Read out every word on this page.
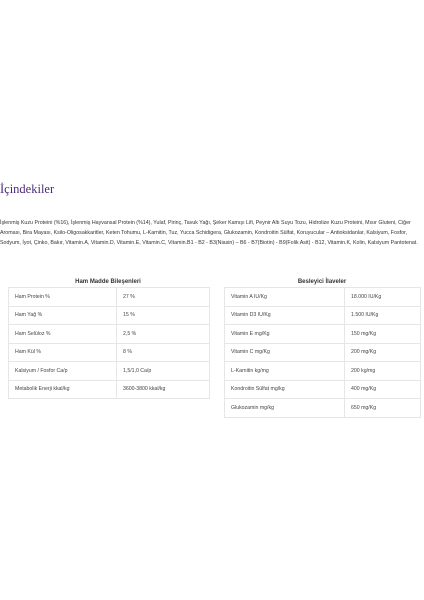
İçindekiler

İşlenmiş Kuzu Proteini (%16), İşlenmiş Hayvansal Protein (%14), Yulaf, Pirinç, Tavuk Yağı, Şeker Kamışı Lifi, Peynir Altı Suyu Tozu, Hidrolize Kuzu Proteini, Mısır Gluteni, Ciğer Aroması, Bira Mayası, Ksilo-Oligosakkaritler, Keten Tohumu, L-Karnitin, Tuz, Yucca Schidigera, Glukozamin, Kondroitin Sülfat, Koruyucular – Antioksidanlar, Kalsiyum, Fosfor, Sodyum, İyot, Çinko, Bakır, Vitamin.A, Vitamin.D, Vitamin.E, Vitamin.C, Vitamin.B1 - B2 - B3(Niasin) – B6 - B7(Biotin) - B9(Folik Asit) - B12, Vitamin.K, Kolin, Kalsiyum Pantotenat.

Ham Madde Bileşenleri
Ham Protein %	27 %
Ham Yağ %	15 %
Ham Selüloz %	2,5 %
Ham Kül %	8 %
Kalsiyum / Fosfor Ca/p	1,5/1,0 Ca/p
Metabolik Enerji kkal/kg	3600-3800 kkal/kg
Besleyici İlaveler
Vitamin A IU/Kg	18.000 IU/Kg
Vitamin D3 IU/Kg	1.500 IU/Kg
Vitamin E mg/Kg	150 mg/Kg
Vitamin C mg/Kg	200 mg/Kg
L-Karnitin kg/mg	200 kg/mg
Kondroitin Sülfat mg/kg	400 mg/Kg
Glukozamin mg/kg	650 mg/Kg
